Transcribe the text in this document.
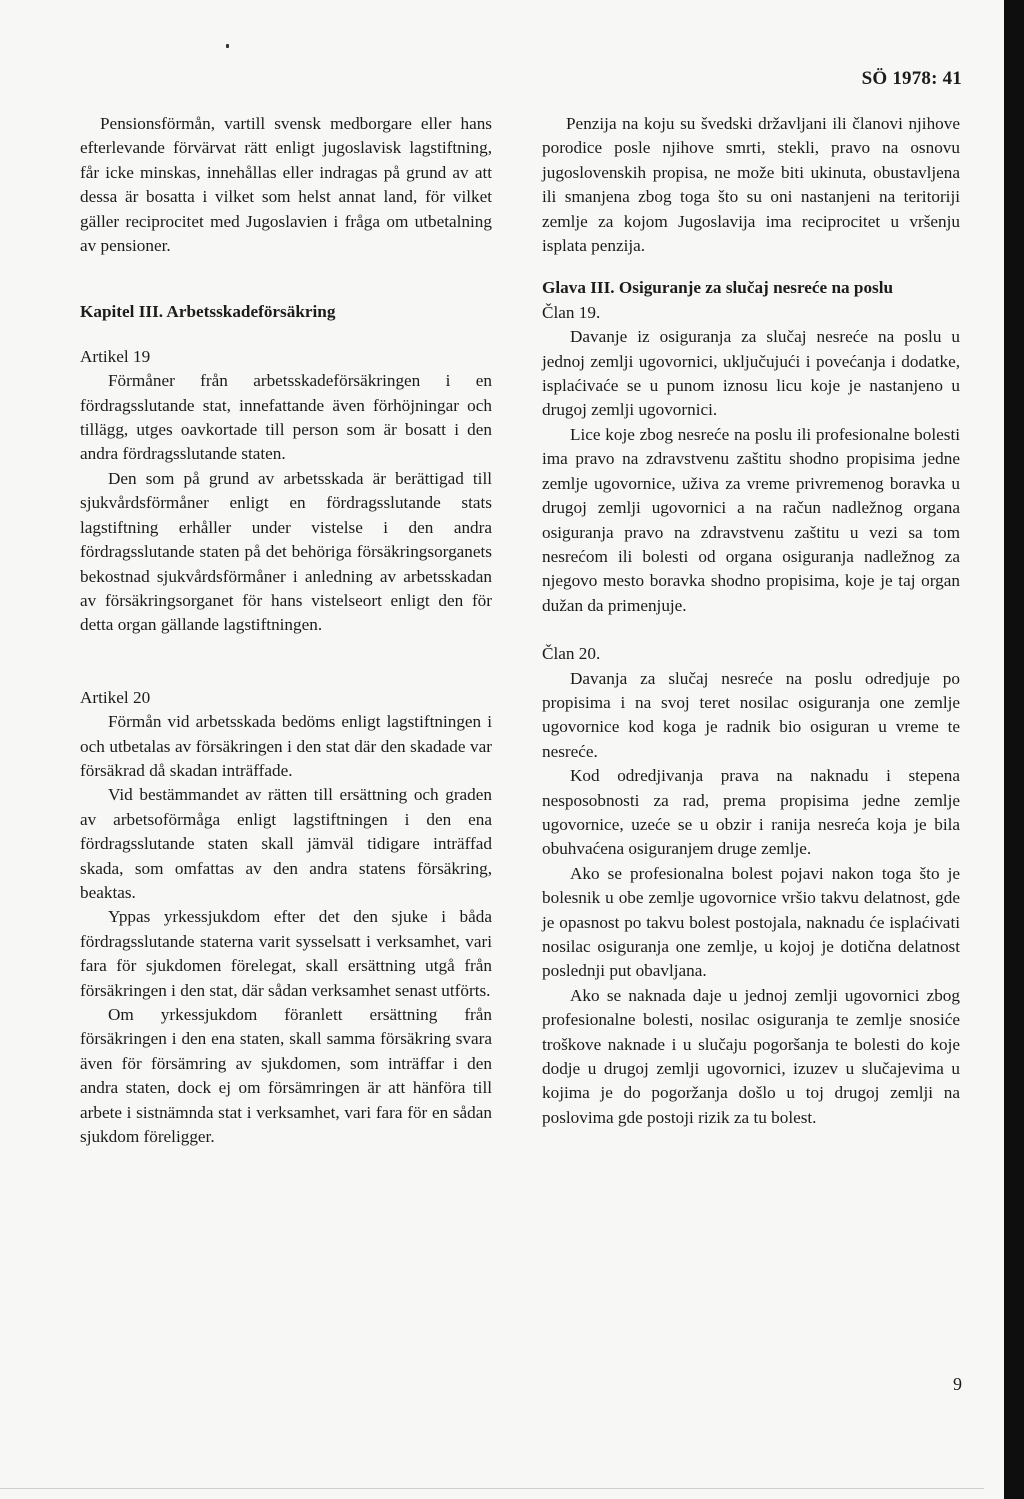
SÖ 1978: 41

Pensionsförmån, vartill svensk medborgare eller hans efterlevande förvärvat rätt enligt jugoslavisk lagstiftning, får icke minskas, innehållas eller indragas på grund av att dessa är bosatta i vilket som helst annat land, för vilket gäller reciprocitet med Jugoslavien i fråga om utbetalning av pensioner.

Kapitel III. Arbetsskadeförsäkring
Artikel 19

Förmåner från arbetsskadeförsäkringen i en fördragsslutande stat, innefattande även förhöjningar och tillägg, utges oavkortade till person som är bosatt i den andra fördragsslutande staten.

Den som på grund av arbetsskada är berättigad till sjukvårdsförmåner enligt en fördragsslutande stats lagstiftning erhåller under vistelse i den andra fördragsslutande staten på det behöriga försäkringsorganets bekostnad sjukvårdsförmåner i anledning av arbetsskadan av försäkringsorganet för hans vistelseort enligt den för detta organ gällande lagstiftningen.

Artikel 20

Förmån vid arbetsskada bedöms enligt lagstiftningen i och utbetalas av försäkringen i den stat där den skadade var försäkrad då skadan inträffade.

Vid bestämmandet av rätten till ersättning och graden av arbetsoförmåga enligt lagstiftningen i den ena fördragsslutande staten skall jämväl tidigare inträffad skada, som omfattas av den andra statens försäkring, beaktas.

Yppas yrkessjukdom efter det den sjuke i båda fördragsslutande staterna varit sysselsatt i verksamhet, vari fara för sjukdomen förelegat, skall ersättning utgå från försäkringen i den stat, där sådan verksamhet senast utförts.

Om yrkessjukdom föranlett ersättning från försäkringen i den ena staten, skall samma försäkring svara även för försämring av sjukdomen, som inträffar i den andra staten, dock ej om försämringen är att hänföra till arbete i sistnämnda stat i verksamhet, vari fara för en sådan sjukdom föreligger.

Penzija na koju su švedski državljani ili članovi njihove porodice posle njihove smrti, stekli, pravo na osnovu jugoslovenskih propisa, ne može biti ukinuta, obustavljena ili smanjena zbog toga što su oni nastanjeni na teritoriji zemlje za kojom Jugoslavija ima reciprocitet u vršenju isplata penzija.

Glava III. Osiguranje za slučaj nesreće na poslu
Član 19.

Davanje iz osiguranja za slučaj nesreće na poslu u jednoj zemlji ugovornici, uključujući i povećanja i dodatke, isplaćivaće se u punom iznosu licu koje je nastanjeno u drugoj zemlji ugovornici.

Lice koje zbog nesreće na poslu ili profesionalne bolesti ima pravo na zdravstvenu zaštitu shodno propisima jedne zemlje ugovornice, uživa za vreme privremenog boravka u drugoj zemlji ugovornici a na račun nadležnog organa osiguranja pravo na zdravstvenu zaštitu u vezi sa tom nesrećom ili bolesti od organa osiguranja nadležnog za njegovo mesto boravka shodno propisima, koje je taj organ dužan da primenjuje.

Član 20.

Davanja za slučaj nesreće na poslu odredjuje po propisima i na svoj teret nosilac osiguranja one zemlje ugovornice kod koga je radnik bio osiguran u vreme te nesreće.

Kod odredjivanja prava na naknadu i stepena nesposobnosti za rad, prema propisima jedne zemlje ugovornice, uzeće se u obzir i ranija nesreća koja je bila obuhvaćena osiguranjem druge zemlje.

Ako se profesionalna bolest pojavi nakon toga što je bolesnik u obe zemlje ugovornice vršio takvu delatnost, gde je opasnost po takvu bolest postojala, naknadu će isplaćivati nosilac osiguranja one zemlje, u kojoj je dotična delatnost poslednji put obavljana.

Ako se naknada daje u jednoj zemlji ugovornici zbog profesionalne bolesti, nosilac osiguranja te zemlje snosiće troškove naknade i u slučaju pogoršanja te bolesti do koje dodje u drugoj zemlji ugovornici, izuzev u slučajevima u kojima je do pogoržanja došlo u toj drugoj zemlji na poslovima gde postoji rizik za tu bolest.

9
